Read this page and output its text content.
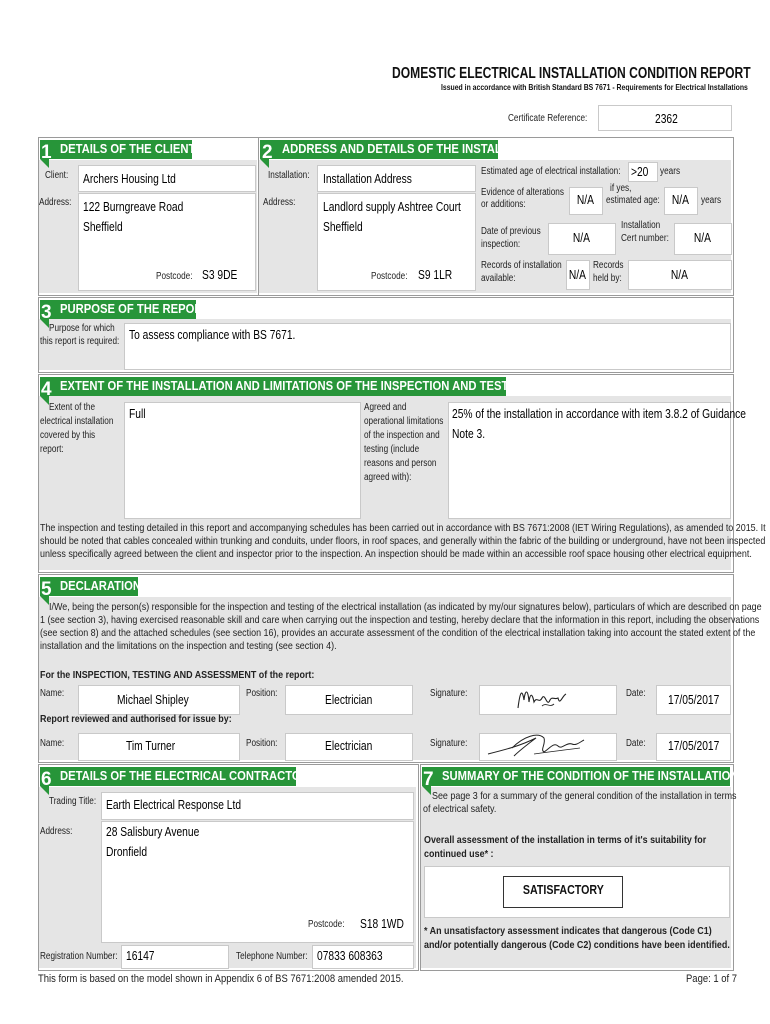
DOMESTIC ELECTRICAL INSTALLATION CONDITION REPORT
Issued in accordance with British Standard BS 7671 - Requirements for Electrical Installations
Certificate Reference:	2362
DETAILS OF THE CLIENT
1
Client: Archers Housing Ltd
Address: 122 Burngreave Road
Sheffield
Postcode: S3 9DE
ADDRESS AND DETAILS OF THE INSTALLATION
2
Installation: Installation Address
Address: Landlord supply Ashtree Court
Sheffield
Postcode: S9 1LR
Estimated age of electrical installation: >20 years
Evidence of alterations
or additions:	N/A
if yes,
estimated age: N/A	years
Date of previous
inspection:	N/A
Installation
Cert number:	N/A
Records of installation
available:	N/A
Records
held by:	N/A
PURPOSE OF THE REPORT
3
Purpose for which
this report is required: To assess compliance with BS 7671.
EXTENT OF THE INSTALLATION AND LIMITATIONS OF THE INSPECTION AND TESTING
4
Extent of the
electrical installation
covered by this
report:
Full	Agreed and
operational limitations
of the inspection and
testing (include
reasons and person
agreed with):
25% of the installation in accordance with item 3.8.2 of Guidance
Note 3.
The inspection and testing detailed in this report and accompanying schedules has been carried out in accordance with BS 7671:2008 (IET Wiring Regulations), as amended to 2015. It
should be noted that cables concealed within trunking and conduits, under floors, in roof spaces, and generally within the fabric of the building or underground, have not been inspected
unless specifically agreed between the client and inspector prior to the inspection. An inspection should be made within an accessible roof space housing other electrical equipment.
DECLARATION
5
I/We, being the person(s) responsible for the inspection and testing of the electrical installation (as indicated by my/our signatures below), particulars of which are described on page
1 (see section 3), having exercised reasonable skill and care when carrying out the inspection and testing, hereby declare that the information in this report, including the observations
(see section 8) and the attached schedules (see section 16), provides an accurate assessment of the condition of the electrical installation taking into account the stated extent of the
installation and the limitations on the inspection and testing (see section 4).
For the INSPECTION, TESTING AND ASSESSMENT of the report:
Name:	Michael Shipley	Position:	Electrician	Signature:	Date: 17/05/2017
Report reviewed and authorised for issue by:
Name:	Tim Turner	Position:	Electrician	Signature:	Date: 17/05/2017
DETAILS OF THE ELECTRICAL CONTRACTOR
6
Trading Title: Earth Electrical Response Ltd
Address:	28 Salisbury Avenue
Dronfield
Postcode: S18 1WD
Registration Number: 16147	Telephone Number: 07833 608363
SUMMARY OF THE CONDITION OF THE INSTALLATION
7
See page 3 for a summary of the general condition of the installation in terms
of electrical safety.
Overall assessment of the installation in terms of it's suitability for
continued use* :
SATISFACTORY
* An unsatisfactory assessment indicates that dangerous (Code C1)
and/or potentially dangerous (Code C2) conditions have been identified.
This form is based on the model shown in Appendix 6 of BS 7671:2008 amended 2015.	Page: 1 of 7
